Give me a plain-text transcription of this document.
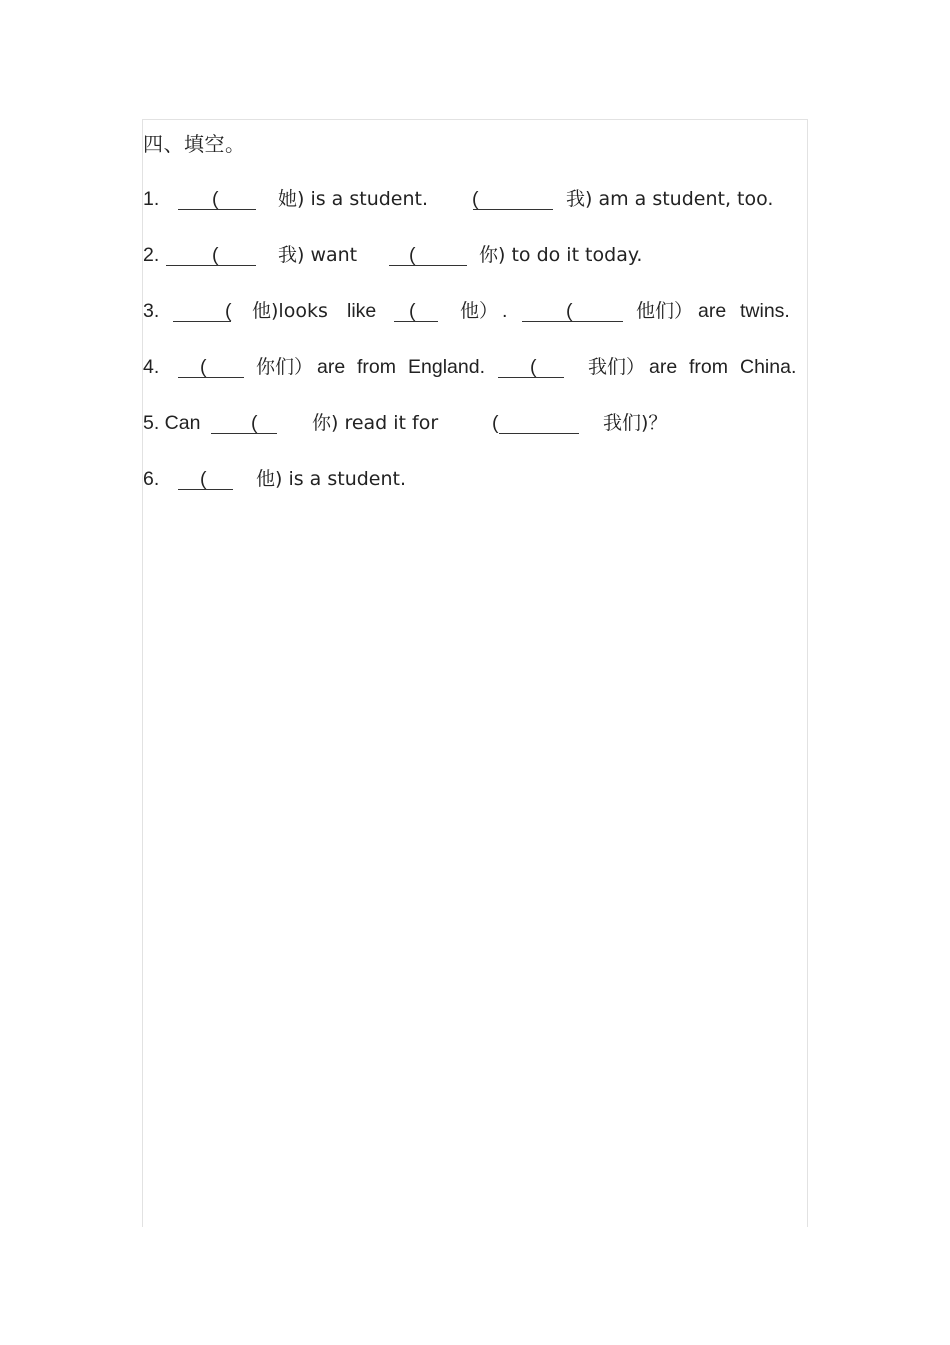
四、填空。
1.	(	她) is a student. (	我) am a student, too.
2.	(	我) want	(	你) to do it today.
3.	( 他)looks like ( 他） .	(	他们） are twins.
4. (	你们） are from England. (	我们） are from China.
5. Can	(	你) read it for	(	我们)？
6. (	他) is a student.
